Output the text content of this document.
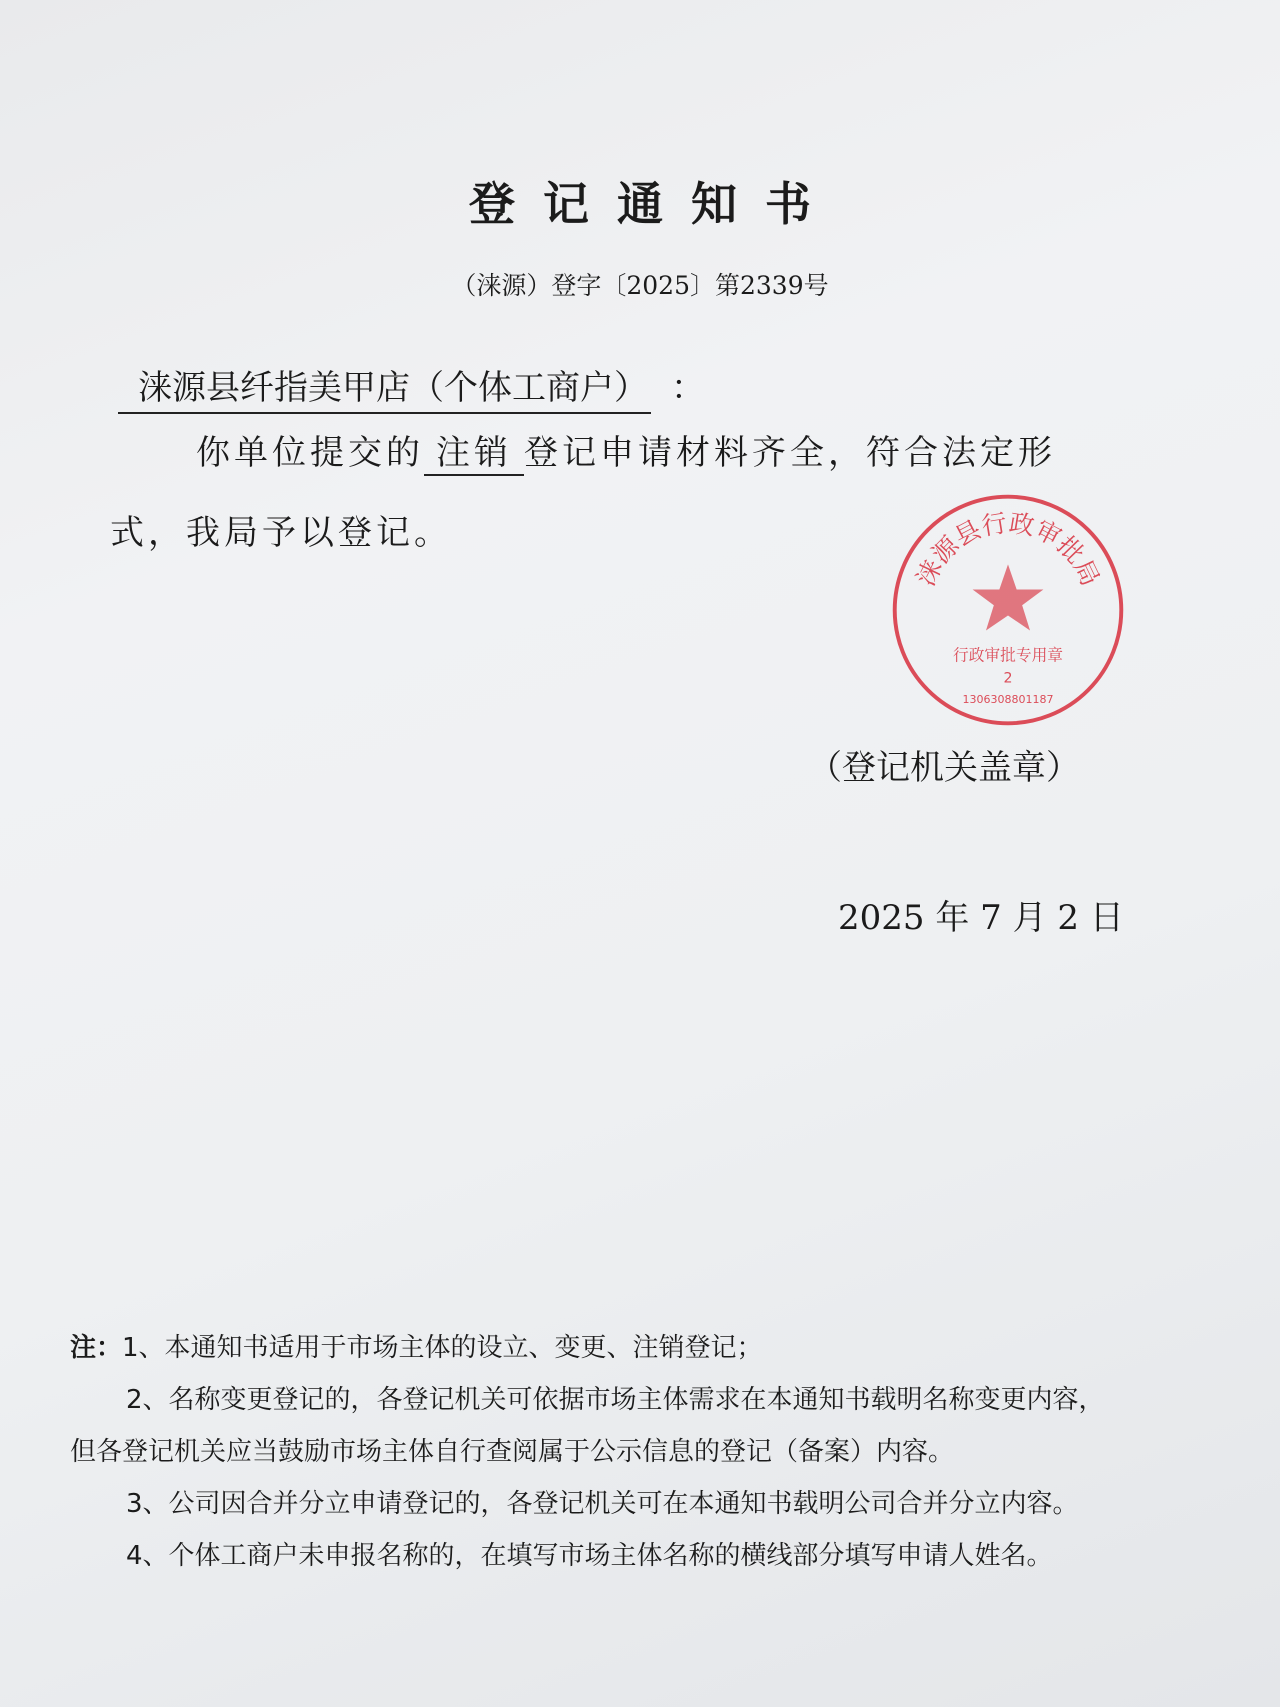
登记通知书
（涞源）登字〔2025〕第2339号
涞源县纤指美甲店（个体工商户） ：
你单位提交的 注销 登记申请材料齐全，符合法定形
式，我局予以登记。
涞源县行政审批局
行政审批专用章
2
1306308801187
（登记机关盖章）
2025 年 7 月 2 日
注：1、本通知书适用于市场主体的设立、变更、注销登记；
2、名称变更登记的，各登记机关可依据市场主体需求在本通知书载明名称变更内容，
但各登记机关应当鼓励市场主体自行查阅属于公示信息的登记（备案）内容。
3、公司因合并分立申请登记的，各登记机关可在本通知书载明公司合并分立内容。
4、个体工商户未申报名称的，在填写市场主体名称的横线部分填写申请人姓名。
